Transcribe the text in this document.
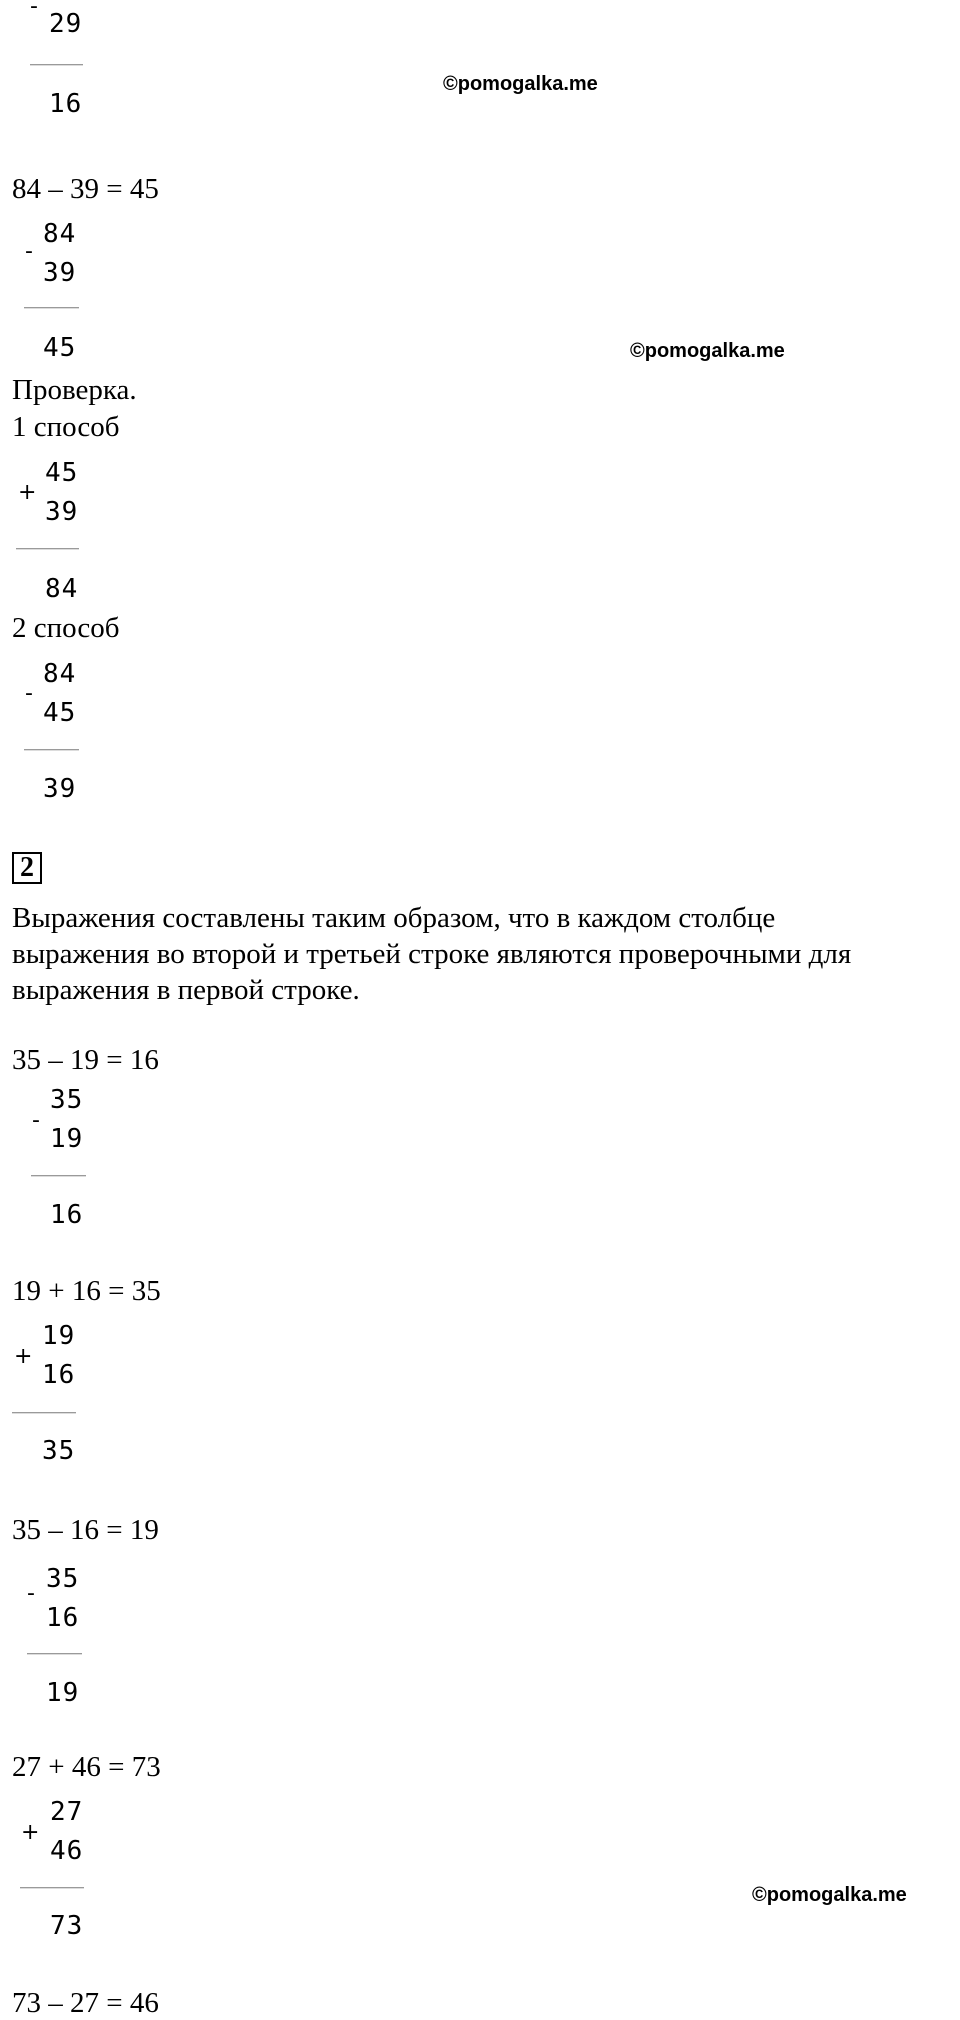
-
29
16
©pomogalka.me
84 – 39 = 45
-
84
39
45	©pomogalka.me
Проверка.
1 способ
+
45
39
84
2 способ
-
84
45
39
2
Выражения составлены таким образом, что в каждом столбце
выражения во второй и третьей строке являются проверочными для
выражения в первой строке.
35 – 19 = 16
-
35
19
16
19 + 16 = 35
+
19
16
35
35 – 16 = 19
- 35
16
19
27 + 46 = 73
+
27
46
73
©pomogalka.me
73 – 27 = 46
